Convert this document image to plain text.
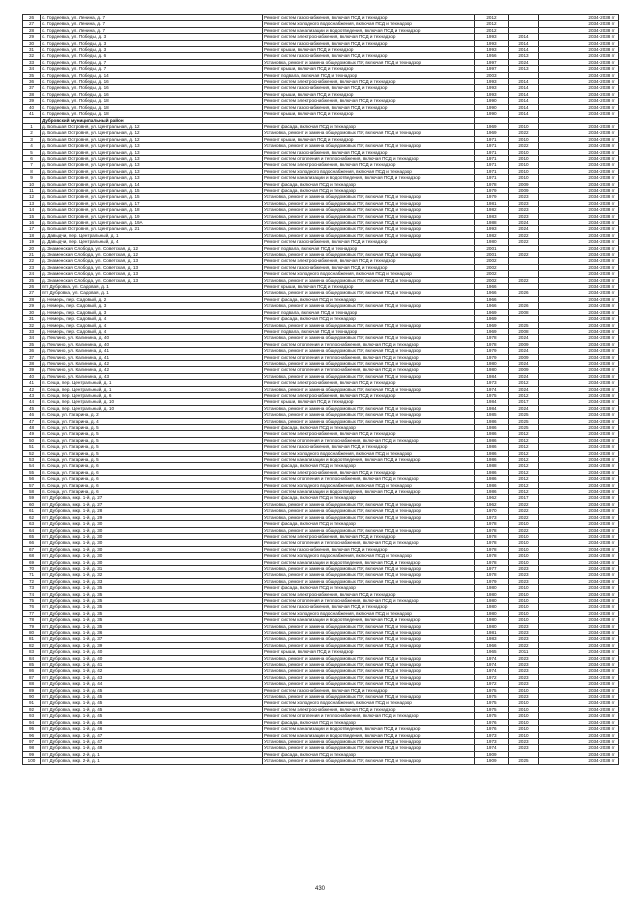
26	с. Гордеевка, ул. Ленина, д. 7	Ремонт систем газоснабжения, включая ПСД и технадзор	2012		2034-2038 гг
27	с. Гордеевка, ул. Ленина, д. 7	Ремонт систем холодного водоснабжения, включая ПСД и технадзор	2012		2034-2038 гг
28	с. Гордеевка, ул. Ленина, д. 7	Ремонт систем канализации и водоотведения, включая ПСД и технадзор	2012		2034-2038 гг
29	с. Гордеевка, ул. Победы, д. 3	Ремонт систем электроснабжения, включая ПСД и технадзор	1993	2014	2034-2038 гг
30	с. Гордеевка, ул. Победы, д. 3	Ремонт систем газоснабжения, включая ПСД и технадзор	1993	2014	2034-2038 гг
31	с. Гордеевка, ул. Победы, д. 3	Ремонт крыши, включая ПСД и технадзор	1993	2014	2034-2038 гг
32	с. Гордеевка, ул. Победы, д. 6	Ремонт систем газоснабжения, включая ПСД и технадзор	1956	2013	2034-2038 гг
33	с. Гордеевка, ул. Победы, д. 7	Установка, ремонт и замена общедомовых ПУ, включая ПСД и технадзор	1997	2024	2034-2038 гг
34	с. Гордеевка, ул. Победы, д. 7	Ремонт крыши, включая ПСД и технадзор	1997	2013	2034-2038 гг
35	с. Гордеевка, ул. Победы, д. 14	Ремонт подвала, включая ПСД и технадзор	2003		2034-2038 гг
36	с. Гордеевка, ул. Победы, д. 16	Ремонт систем электроснабжения, включая ПСД и технадзор	1993	2014	2034-2038 гг
37	с. Гордеевка, ул. Победы, д. 16	Ремонт систем газоснабжения, включая ПСД и технадзор	1993	2014	2034-2038 гг
38	с. Гордеевка, ул. Победы, д. 16	Ремонт крыши, включая ПСД и технадзор	1993	2014	2034-2038 гг
39	с. Гордеевка, ул. Победы, д. 18	Ремонт систем электроснабжения, включая ПСД и технадзор	1990	2014	2034-2038 гг
40	с. Гордеевка, ул. Победы, д. 18	Ремонт систем газоснабжения, включая ПСД и технадзор	1990	2014	2034-2038 гг
41	с. Гордеевка, ул. Победы, д. 18	Ремонт крыши, включая ПСД и технадзор	1990	2014	2034-2038 гг
	Дубровский муниципальный район				
1	д. Большая Островня, ул. Центральная, д. 12	Ремонт фасада, включая ПСД и технадзор	1969	2010	2034-2038 гг
2	д. Большая Островня, ул. Центральная, д. 12	Установка, ремонт и замена общедомовых ПУ, включая ПСД и технадзор	1969	2022	2034-2038 гг
3	д. Большая Островня, ул. Центральная, д. 12	Ремонт крыши, включая ПСД и технадзор	1971	2010	2034-2038 гг
4	д. Большая Островня, ул. Центральная, д. 13	Установка, ремонт и замена общедомовых ПУ, включая ПСД и технадзор	1971	2022	2034-2038 гг
5	д. Большая Островня, ул. Центральная, д. 13	Ремонт систем газоснабжения, включая ПСД и технадзор	1971	2010	2034-2038 гг
6	д. Большая Островня, ул. Центральная, д. 13	Ремонт систем отопления и теплоснабжения, включая ПСД и технадзор	1971	2010	2034-2038 гг
7	д. Большая Островня, ул. Центральная, д. 13	Ремонт систем электроснабжения, включая ПСД и технадзор	1971	2010	2034-2038 гг
8	д. Большая Островня, ул. Центральная, д. 13	Ремонт систем холодного водоснабжения, включая ПСД и технадзор	1971	2010	2034-2038 гг
9	д. Большая Островня, ул. Центральная, д. 13	Ремонт систем канализации и водоотведения, включая ПСД и технадзор	1971	2010	2034-2038 гг
10	д. Большая Островня, ул. Центральная, д. 14	Ремонт фасада, включая ПСД и технадзор	1978	2009	2034-2038 гг
11	д. Большая Островня, ул. Центральная, д. 15	Ремонт фасада, включая ПСД и технадзор	1979	2009	2034-2038 гг
12	д. Большая Островня, ул. Центральная, д. 15	Установка, ремонт и замена общедомовых ПУ, включая ПСД и технадзор	1979	2023	2034-2038 гг
13	д. Большая Островня, ул. Центральная, д. 17	Установка, ремонт и замена общедомовых ПУ, включая ПСД и технадзор	1981	2023	2034-2038 гг
14	д. Большая Островня, ул. Центральная, д. 18	Установка, ремонт и замена общедомовых ПУ, включая ПСД и технадзор	1982	2023	2034-2038 гг
15	д. Большая Островня, ул. Центральная, д. 19	Установка, ремонт и замена общедомовых ПУ, включая ПСД и технадзор	1983	2023	2034-2038 гг
16	д. Большая Островня, ул. Центральная, д. 19А	Установка, ремонт и замена общедомовых ПУ, включая ПСД и технадзор	1988	2024	2034-2038 гг
17	д. Большая Островня, ул. Центральная, д. 21	Установка, ремонт и замена общедомовых ПУ, включая ПСД и технадзор	1993	2024	2034-2038 гг
18	д. Давыдчи, пер. Центральный, д. 1	Установка, ремонт и замена общедомовых ПУ, включая ПСД и технадзор	1982	2022	2034-2038 гг
19	д. Давыдчи, пер. Центральный, д. 4	Ремонт систем газоснабжения, включая ПСД и технадзор	1980	2022	2034-2038 гг
20	д. Знаменская Слобода, ул. Советская, д. 12	Ремонт подвала, включая ПСД и технадзор	2001		2034-2038 гг
21	д. Знаменская Слобода, ул. Советская, д. 12	Установка, ремонт и замена общедомовых ПУ, включая ПСД и технадзор	2001	2022	2034-2038 гг
22	д. Знаменская Слобода, ул. Советская, д. 13	Ремонт систем электроснабжения, включая ПСД и технадзор	2002		2034-2038 гг
23	д. Знаменская Слобода, ул. Советская, д. 13	Ремонт систем газоснабжения, включая ПСД и технадзор	2002		2034-2038 гг
24	д. Знаменская Слобода, ул. Советская, д. 13	Ремонт систем холодного водоснабжения, включая ПСД и технадзор	2002		2034-2038 гг
25	д. Знаменская Слобода, ул. Советская, д. 13	Установка, ремонт и замена общедомовых ПУ, включая ПСД и технадзор	2002	2022	2034-2038 гг
26	пгт Дубровка, ул. Садовая, д. 1	Ремонт крыши, включая ПСД и технадзор	1966		2034-2038 гг
27	пгт Дубровка, ул. Садовая, д. 1	Установка, ремонт и замена общедомовых ПУ, включая ПСД и технадзор	1966	2026	2034-2038 гг
28	д. Немерь, пер. Садовый, д. 2	Ремонт фасада, включая ПСД и технадзор	1966		2034-2038 гг
29	д. Немерь, пер. Садовый, д. 3	Установка, ремонт и замена общедомовых ПУ, включая ПСД и технадзор	1966	2026	2034-2038 гг
30	д. Немерь, пер. Садовый, д. 3	Ремонт подвала, включая ПСД и технадзор	1969	2008	2034-2038 гг
31	д. Немерь, пер. Садовый, д. 4	Ремонт фасада, включая ПСД и технадзор	1969		2034-2038 гг
32	д. Немерь, пер. Садовый, д. 4	Установка, ремонт и замена общедомовых ПУ, включая ПСД и технадзор	1969	2025	2034-2038 гг
33	д. Немерь, пер. Садовый, д. 4	Ремонт подвала, включая ПСД и технадзор	1969	2008	2034-2038 гг
34	д. Пеклино, ул. Калинина, д. 40	Установка, ремонт и замена общедомовых ПУ, включая ПСД и технадзор	1978	2024	2034-2038 гг
35	д. Пеклино, ул. Калинина, д. 40	Ремонт систем отопления и теплоснабжения, включая ПСД и технадзор	1978	2009	2034-2038 гг
36	д. Пеклино, ул. Калинина, д. 41	Установка, ремонт и замена общедомовых ПУ, включая ПСД и технадзор	1979	2024	2034-2038 гг
37	д. Пеклино, ул. Калинина, д. 41	Ремонт систем отопления и теплоснабжения, включая ПСД и технадзор	1979	2009	2034-2038 гг
38	д. Пеклино, ул. Калинина, д. 42	Установка, ремонт и замена общедомовых ПУ, включая ПСД и технадзор	1980	2024	2034-2038 гг
39	д. Пеклино, ул. Калинина, д. 42	Ремонт систем отопления и теплоснабжения, включая ПСД и технадзор	1980	2009	2034-2038 гг
40	д. Пеклино, ул. Калинина, д. 43	Установка, ремонт и замена общедомовых ПУ, включая ПСД и технадзор	1984	2024	2034-2038 гг
41	п. Сеща, пер. Центральный, д. 1	Ремонт систем электроснабжения, включая ПСД и технадзор	1973	2012	2034-2038 гг
42	п. Сеща, пер. Центральный, д. 1	Установка, ремонт и замена общедомовых ПУ, включая ПСД и технадзор	1974	2024	2034-2038 гг
43	п. Сеща, пер. Центральный, д. 6	Ремонт систем электроснабжения, включая ПСД и технадзор	1975	2012	2034-2038 гг
44	п. Сеща, пер. Центральный, д. 10	Ремонт крыши, включая ПСД и технадзор	1984	2017	2034-2038 гг
45	п. Сеща, пер. Центральный, д. 10	Установка, ремонт и замена общедомовых ПУ, включая ПСД и технадзор	1984	2024	2034-2038 гг
46	п. Сеща, ул. Гагарина, д. 2	Установка, ремонт и замена общедомовых ПУ, включая ПСД и технадзор	1985	2025	2034-2038 гг
47	п. Сеща, ул. Гагарина, д. 4	Установка, ремонт и замена общедомовых ПУ, включая ПСД и технадзор	1986	2025	2034-2038 гг
48	п. Сеща, ул. Гагарина, д. 5	Ремонт фасада, включая ПСД и технадзор	1986	2025	2034-2038 гг
49	п. Сеща, ул. Гагарина, д. 5	Ремонт систем электроснабжения, включая ПСД и технадзор	1986	2012	2034-2038 гг
50	п. Сеща, ул. Гагарина, д. 5	Ремонт систем отопления и теплоснабжения, включая ПСД и технадзор	1986	2012	2034-2038 гг
51	п. Сеща, ул. Гагарина, д. 5	Ремонт систем газоснабжения, включая ПСД и технадзор	1986	2012	2034-2038 гг
52	п. Сеща, ул. Гагарина, д. 5	Ремонт систем холодного водоснабжения, включая ПСД и технадзор	1986	2012	2034-2038 гг
53	п. Сеща, ул. Гагарина, д. 5	Ремонт систем канализации и водоотведения, включая ПСД и технадзор	1986	2012	2034-2038 гг
54	п. Сеща, ул. Гагарина, д. 6	Ремонт фасада, включая ПСД и технадзор	1988	2012	2034-2038 гг
55	п. Сеща, ул. Гагарина, д. 6	Ремонт систем электроснабжения, включая ПСД и технадзор	1986	2012	2034-2038 гг
56	п. Сеща, ул. Гагарина, д. 6	Ремонт систем отопления и теплоснабжения, включая ПСД и технадзор	1986	2012	2034-2038 гг
57	п. Сеща, ул. Гагарина, д. 6	Ремонт систем холодного водоснабжения, включая ПСД и технадзор	1986	2012	2034-2038 гг
58	п. Сеща, ул. Гагарина, д. 6	Ремонт систем канализации и водоотведения, включая ПСД и технадзор	1986	2012	2034-2038 гг
59	пгт Дубровка, мкр. 1-й, д. 27	Ремонт фасада, включая ПСД и технадзор	1962	2017	2034-2038 гг
60	пгт Дубровка, мкр. 1-й, д. 27	Установка, ремонт и замена общедомовых ПУ, включая ПСД и технадзор	1962	2022	2034-2038 гг
61	пгт Дубровка, мкр. 1-й, д. 28	Установка, ремонт и замена общедомовых ПУ, включая ПСД и технадзор	1970	2022	2034-2038 гг
62	пгт Дубровка, мкр. 1-й, д. 29	Установка, ремонт и замена общедомовых ПУ, включая ПСД и технадзор	1973	2022	2034-2038 гг
63	пгт Дубровка, мкр. 1-й, д. 30	Ремонт фасада, включая ПСД и технадзор	1978	2010	2034-2038 гг
64	пгт Дубровка, мкр. 1-й, д. 30	Установка, ремонт и замена общедомовых ПУ, включая ПСД и технадзор	1978	2022	2034-2038 гг
65	пгт Дубровка, мкр. 1-й, д. 30	Ремонт систем электроснабжения, включая ПСД и технадзор	1978	2010	2034-2038 гг
66	пгт Дубровка, мкр. 1-й, д. 30	Ремонт систем отопления и теплоснабжения, включая ПСД и технадзор	1978	2010	2034-2038 гг
67	пгт Дубровка, мкр. 1-й, д. 30	Ремонт систем газоснабжения, включая ПСД и технадзор	1978	2010	2034-2038 гг
68	пгт Дубровка, мкр. 1-й, д. 30	Ремонт систем холодного водоснабжения, включая ПСД и технадзор	1978	2010	2034-2038 гг
69	пгт Дубровка, мкр. 1-й, д. 30	Ремонт систем канализации и водоотведения, включая ПСД и технадзор	1978	2010	2034-2038 гг
70	пгт Дубровка, мкр. 1-й, д. 31	Установка, ремонт и замена общедомовых ПУ, включая ПСД и технадзор	1977	2023	2034-2038 гг
71	пгт Дубровка, мкр. 1-й, д. 32	Установка, ремонт и замена общедомовых ПУ, включая ПСД и технадзор	1978	2023	2034-2038 гг
72	пгт Дубровка, мкр. 1-й, д. 33	Установка, ремонт и замена общедомовых ПУ, включая ПСД и технадзор	1979	2023	2034-2038 гг
73	пгт Дубровка, мкр. 1-й, д. 35	Ремонт фасада, включая ПСД и технадзор	1980	2010	2034-2038 гг
74	пгт Дубровка, мкр. 1-й, д. 35	Ремонт систем электроснабжения, включая ПСД и технадзор	1980	2010	2034-2038 гг
75	пгт Дубровка, мкр. 1-й, д. 35	Ремонт систем отопления и теплоснабжения, включая ПСД и технадзор	1980	2010	2034-2038 гг
76	пгт Дубровка, мкр. 1-й, д. 35	Ремонт систем газоснабжения, включая ПСД и технадзор	1980	2010	2034-2038 гг
77	пгт Дубровка, мкр. 1-й, д. 35	Ремонт систем холодного водоснабжения, включая ПСД и технадзор	1980	2010	2034-2038 гг
78	пгт Дубровка, мкр. 1-й, д. 35	Ремонт систем канализации и водоотведения, включая ПСД и технадзор	1980	2010	2034-2038 гг
79	пгт Дубровка, мкр. 1-й, д. 35	Установка, ремонт и замена общедомовых ПУ, включая ПСД и технадзор	1980	2023	2034-2038 гг
80	пгт Дубровка, мкр. 1-й, д. 36	Установка, ремонт и замена общедомовых ПУ, включая ПСД и технадзор	1981	2023	2034-2038 гг
81	пгт Дубровка, мкр. 1-й, д. 37	Установка, ремонт и замена общедомовых ПУ, включая ПСД и технадзор	1983	2023	2034-2038 гг
82	пгт Дубровка, мкр. 1-й, д. 39	Установка, ремонт и замена общедомовых ПУ, включая ПСД и технадзор	1966	2022	2034-2038 гг
83	пгт Дубровка, мкр. 1-й, д. 40	Ремонт крыши, включая ПСД и технадзор	1965	2011	2034-2038 гг
84	пгт Дубровка, мкр. 1-й, д. 40	Установка, ремонт и замена общедомовых ПУ, включая ПСД и технадзор	1974	2023	2034-2038 гг
85	пгт Дубровка, мкр. 1-й, д. 41	Установка, ремонт и замена общедомовых ПУ, включая ПСД и технадзор	1974	2023	2034-2038 гг
86	пгт Дубровка, мкр. 1-й, д. 42	Установка, ремонт и замена общедомовых ПУ, включая ПСД и технадзор	1974	2023	2034-2038 гг
87	пгт Дубровка, мкр. 1-й, д. 43	Установка, ремонт и замена общедомовых ПУ, включая ПСД и технадзор	1972	2023	2034-2038 гг
88	пгт Дубровка, мкр. 1-й, д. 44	Установка, ремонт и замена общедомовых ПУ, включая ПСД и технадзор	1972	2023	2034-2038 гг
89	пгт Дубровка, мкр. 1-й, д. 45	Ремонт систем газоснабжения, включая ПСД и технадзор	1975	2010	2034-2038 гг
90	пгт Дубровка, мкр. 1-й, д. 45	Установка, ремонт и замена общедомовых ПУ, включая ПСД и технадзор	1975	2023	2034-2038 гг
91	пгт Дубровка, мкр. 1-й, д. 45	Ремонт систем холодного водоснабжения, включая ПСД и технадзор	1975	2010	2034-2038 гг
92	пгт Дубровка, мкр. 1-й, д. 45	Ремонт систем электроснабжения, включая ПСД и технадзор	1975	2010	2034-2038 гг
93	пгт Дубровка, мкр. 1-й, д. 45	Ремонт систем отопления и теплоснабжения, включая ПСД и технадзор	1975	2010	2034-2038 гг
94	пгт Дубровка, мкр. 1-й, д. 46	Ремонт фасада, включая ПСД и технадзор	1976	2010	2034-2038 гг
95	пгт Дубровка, мкр. 1-й, д. 46	Ремонт систем канализации и водоотведения, включая ПСД и технадзор	1976	2010	2034-2038 гг
96	пгт Дубровка, мкр. 1-й, д. 47	Ремонт систем канализации и водоотведения, включая ПСД и технадзор	1973	2010	2034-2038 гг
97	пгт Дубровка, мкр. 1-й, д. 47	Установка, ремонт и замена общедомовых ПУ, включая ПСД и технадзор	1973	2023	2034-2038 гг
98	пгт Дубровка, мкр. 1-й, д. 48	Установка, ремонт и замена общедомовых ПУ, включая ПСД и технадзор	1974	2023	2034-2038 гг
99	пгт Дубровка, мкр. 2-й, д. 1	Ремонт фасада, включая ПСД и технадзор	1909		2034-2038 гг
100	пгт Дубровка, мкр. 2-й, д. 1	Установка, ремонт и замена общедомовых ПУ, включая ПСД и технадзор	1909	2025	2034-2038 гг
430
